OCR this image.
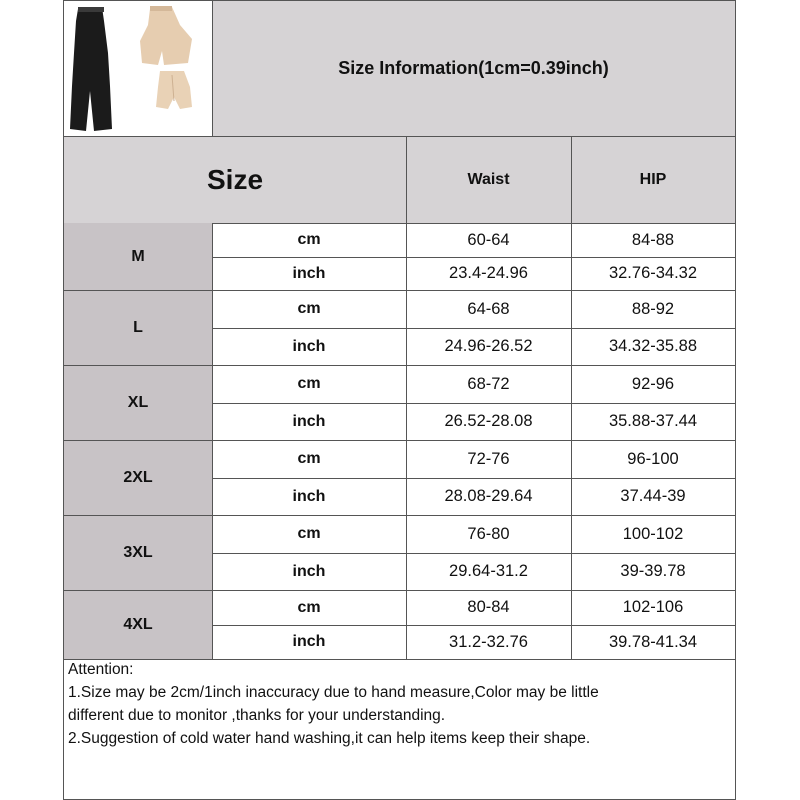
Size Information(1cm=0.39inch)
Size	Waist	HIP
M
cm	60-64	84-88
inch	23.4-24.96	32.76-34.32
L
cm	64-68	88-92
inch	24.96-26.52	34.32-35.88
XL
cm	68-72	92-96
inch	26.52-28.08	35.88-37.44
2XL
cm	72-76	96-100
inch	28.08-29.64	37.44-39
3XL
cm	76-80	100-102
inch	29.64-31.2	39-39.78
4XL
cm	80-84	102-106
inch	31.2-32.76	39.78-41.34
Attention:
1.Size may be 2cm/1inch inaccuracy due to hand measure,Color may be little
different due to monitor ,thanks for your understanding.
2.Suggestion of cold water hand washing,it can help items keep their shape.
